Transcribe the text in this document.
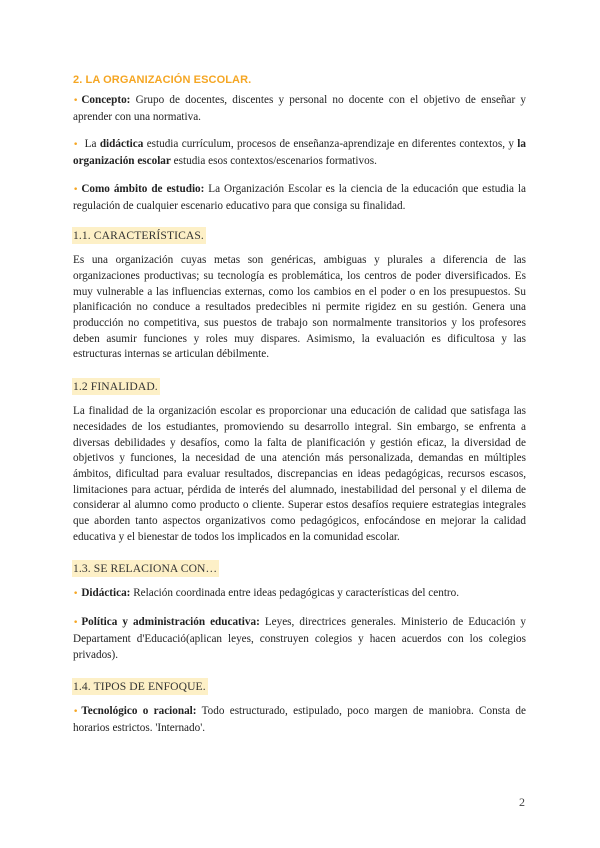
2. LA ORGANIZACIÓN ESCOLAR.

• Concepto: Grupo de docentes, discentes y personal no docente con el objetivo de enseñar y aprender con una normativa.

• La didáctica estudia currículum, procesos de enseñanza-aprendizaje en diferentes contextos, y la organización escolar estudia esos contextos/escenarios formativos.

• Como ámbito de estudio: La Organización Escolar es la ciencia de la educación que estudia la regulación de cualquier escenario educativo para que consiga su finalidad.

1.1. CARACTERÍSTICAS.

Es una organización cuyas metas son genéricas, ambiguas y plurales a diferencia de las organizaciones productivas; su tecnología es problemática, los centros de poder diversificados. Es muy vulnerable a las influencias externas, como los cambios en el poder o en los presupuestos. Su planificación no conduce a resultados predecibles ni permite rigidez en su gestión. Genera una producción no competitiva, sus puestos de trabajo son normalmente transitorios y los profesores deben asumir funciones y roles muy dispares. Asimismo, la evaluación es dificultosa y las estructuras internas se articulan débilmente.

1.2 FINALIDAD.

La finalidad de la organización escolar es proporcionar una educación de calidad que satisfaga las necesidades de los estudiantes, promoviendo su desarrollo integral. Sin embargo, se enfrenta a diversas debilidades y desafíos, como la falta de planificación y gestión eficaz, la diversidad de objetivos y funciones, la necesidad de una atención más personalizada, demandas en múltiples ámbitos, dificultad para evaluar resultados, discrepancias en ideas pedagógicas, recursos escasos, limitaciones para actuar, pérdida de interés del alumnado, inestabilidad del personal y el dilema de considerar al alumno como producto o cliente. Superar estos desafíos requiere estrategias integrales que aborden tanto aspectos organizativos como pedagógicos, enfocándose en mejorar la calidad educativa y el bienestar de todos los implicados en la comunidad escolar.

1.3. SE RELACIONA CON…

• Didáctica: Relación coordinada entre ideas pedagógicas y características del centro.

• Política y administración educativa: Leyes, directrices generales. Ministerio de Educación y Departament d'Educació(aplican leyes, construyen colegios y hacen acuerdos con los colegios privados).

1.4. TIPOS DE ENFOQUE.

• Tecnológico o racional: Todo estructurado, estipulado, poco margen de maniobra. Consta de horarios estrictos. 'Internado'.

2
